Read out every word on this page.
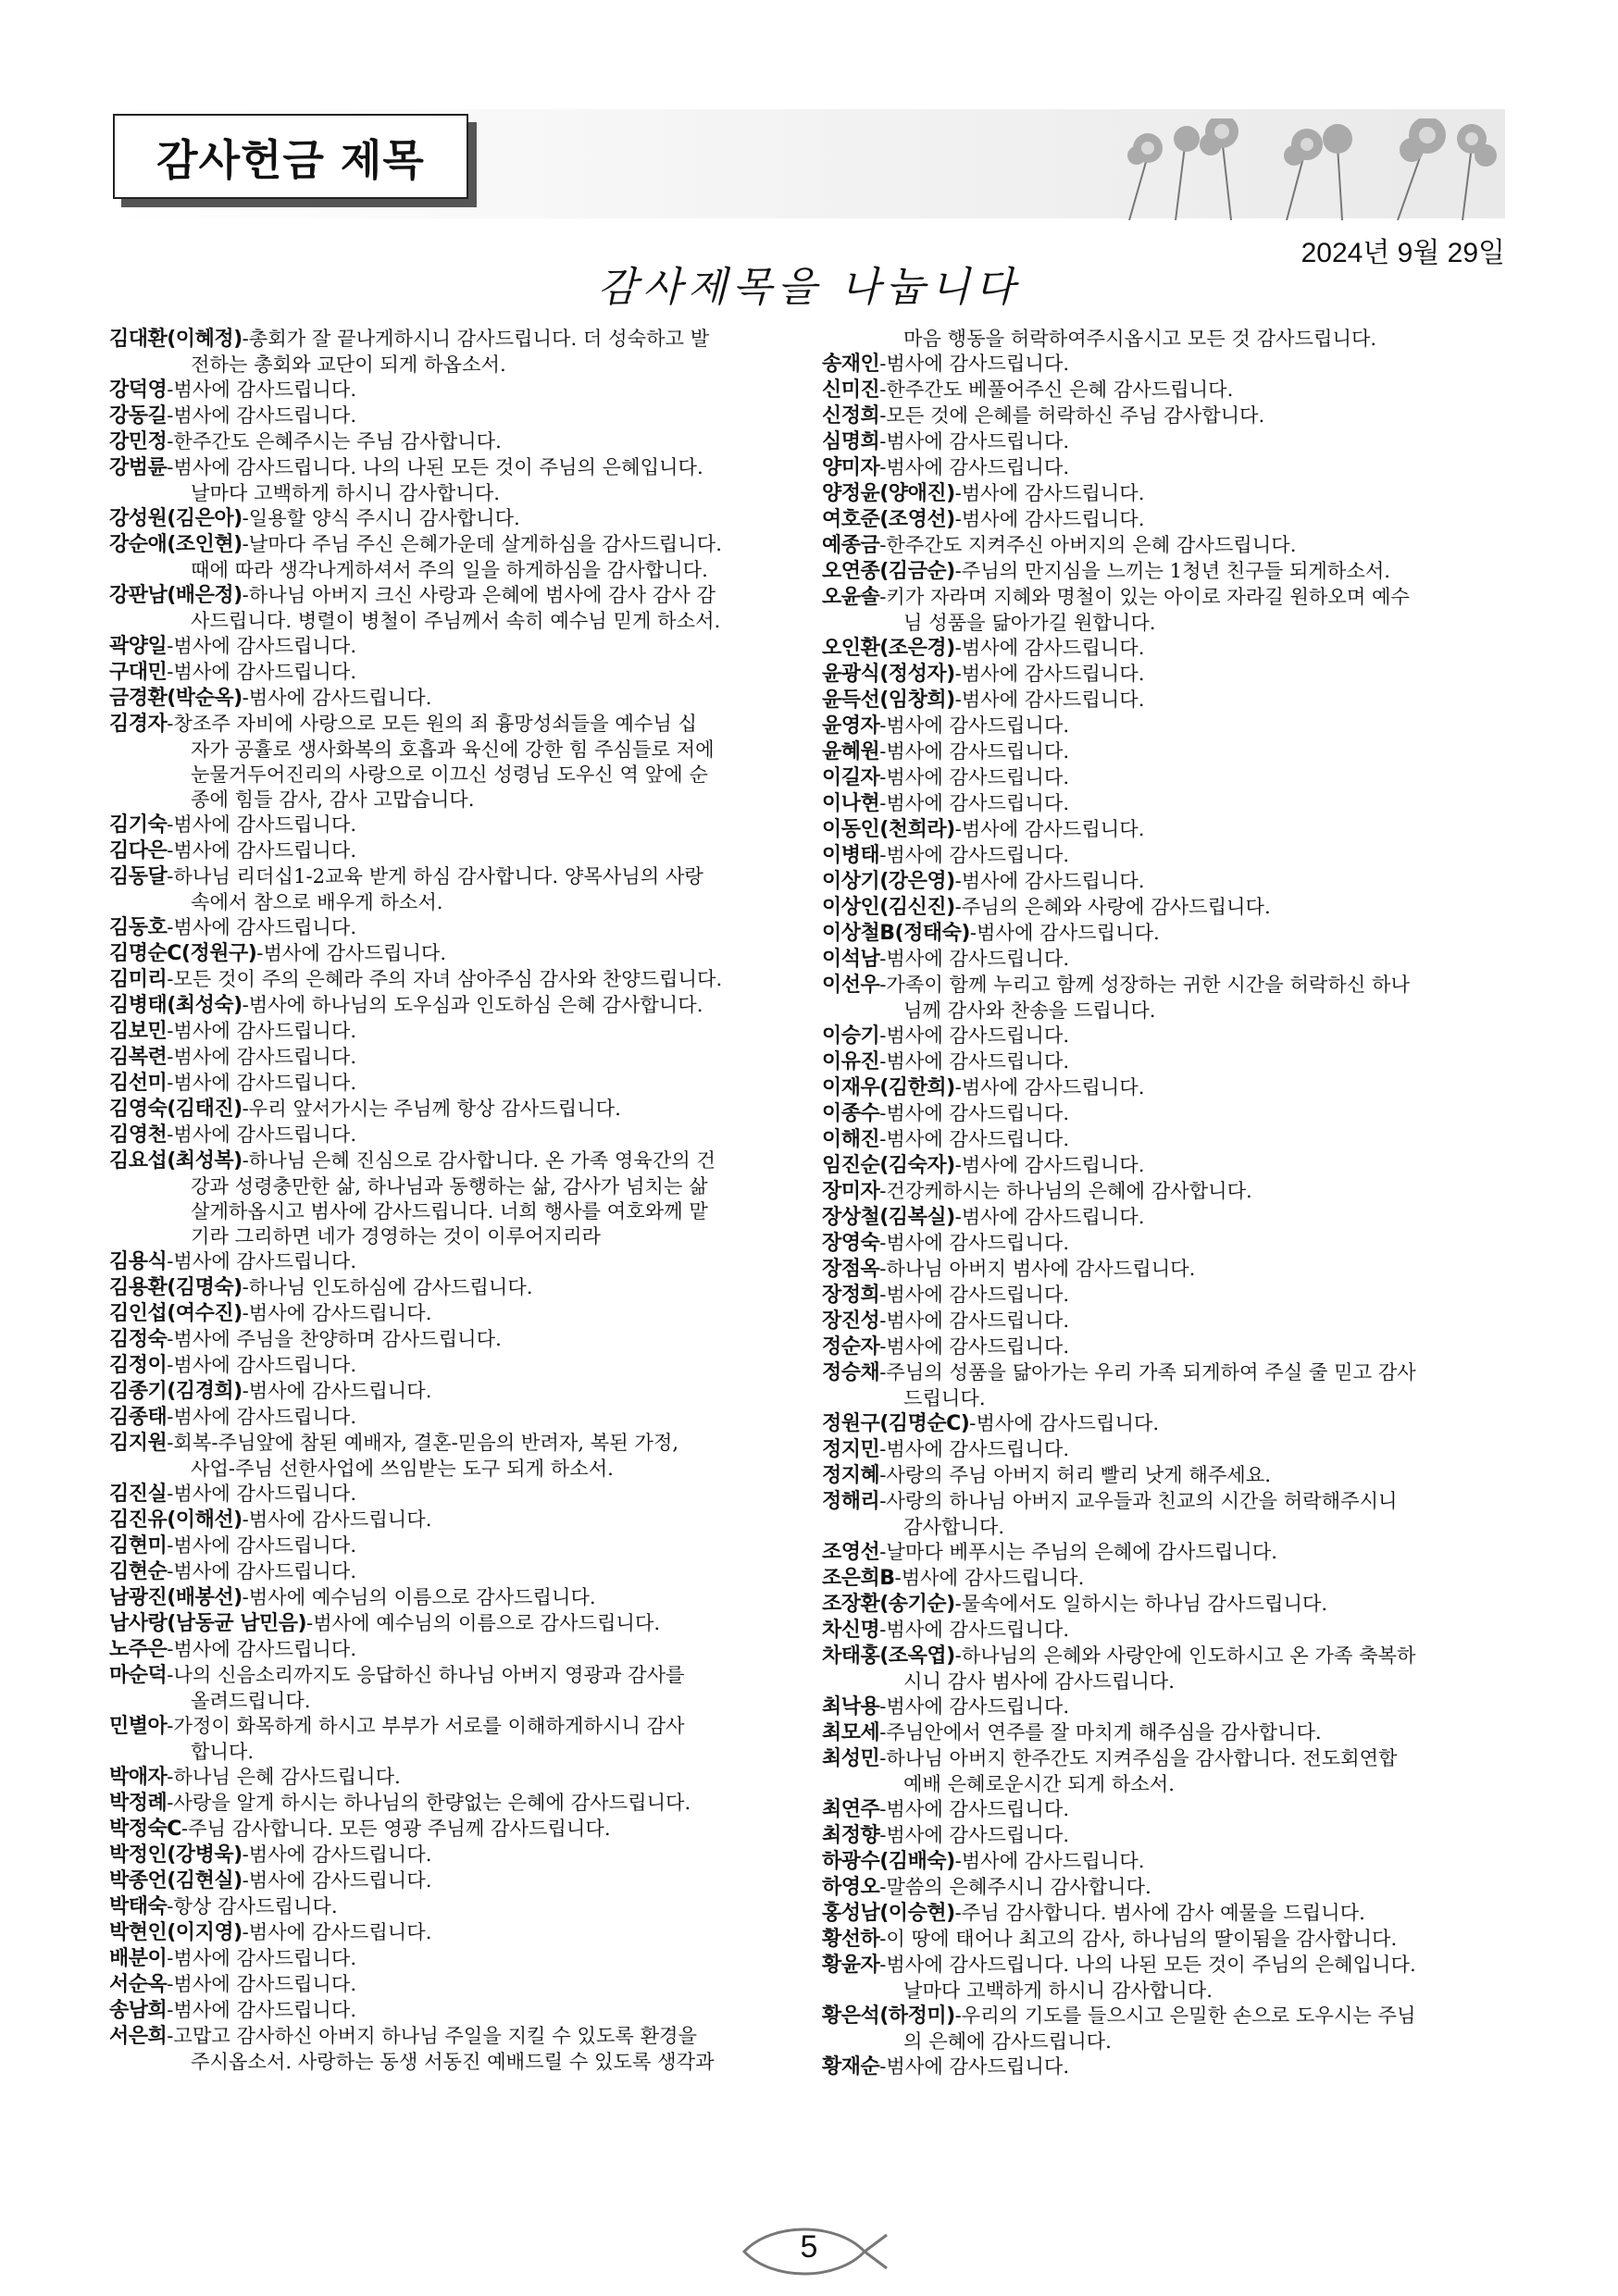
감사헌금 제목
2024년 9월 29일
감사제목을 나눕니다
김대환(이혜정)-총회가 잘 끝나게하시니 감사드립니다. 더 성숙하고 발
전하는 총회와 교단이 되게 하옵소서.
강덕영-범사에 감사드립니다.
강동길-범사에 감사드립니다.
강민정-한주간도 은혜주시는 주님 감사합니다.
강범륜-범사에 감사드립니다. 나의 나된 모든 것이 주님의 은혜입니다.
날마다 고백하게 하시니 감사합니다.
강성원(김은아)-일용할 양식 주시니 감사합니다.
강순애(조인현)-날마다 주님 주신 은혜가운데 살게하심을 감사드립니다.
때에 따라 생각나게하셔서 주의 일을 하게하심을 감사합니다.
강판남(배은정)-하나님 아버지 크신 사랑과 은혜에 범사에 감사 감사 감
사드립니다. 병렬이 병철이 주님께서 속히 예수님 믿게 하소서.
곽양일-범사에 감사드립니다.
구대민-범사에 감사드립니다.
금경환(박순옥)-범사에 감사드립니다.
김경자-창조주 자비에 사랑으로 모든 원의 죄 흉망성쇠들을 예수님 십
자가 공휼로 생사화복의 호흡과 육신에 강한 힘 주심들로 저에
눈물거두어진리의 사랑으로 이끄신 성령님 도우신 역 앞에 순
종에 힘들 감사, 감사 고맙습니다.
김기숙-범사에 감사드립니다.
김다은-범사에 감사드립니다.
김동달-하나님 리더십1-2교육 받게 하심 감사합니다. 양목사님의 사랑
속에서 참으로 배우게 하소서.
김동호-범사에 감사드립니다.
김명순C(정원구)-범사에 감사드립니다.
김미리-모든 것이 주의 은혜라 주의 자녀 삼아주심 감사와 찬양드립니다.
김병태(최성숙)-범사에 하나님의 도우심과 인도하심 은혜 감사합니다.
김보민-범사에 감사드립니다.
김복련-범사에 감사드립니다.
김선미-범사에 감사드립니다.
김영숙(김태진)-우리 앞서가시는 주님께 항상 감사드립니다.
김영천-범사에 감사드립니다.
김요섭(최성복)-하나님 은혜 진심으로 감사합니다. 온 가족 영육간의 건
강과 성령충만한 삶, 하나님과 동행하는 삶, 감사가 넘치는 삶
살게하옵시고 범사에 감사드립니다. 너희 행사를 여호와께 맡
기라 그리하면 네가 경영하는 것이 이루어지리라
김용식-범사에 감사드립니다.
김용환(김명숙)-하나님 인도하심에 감사드립니다.
김인섭(여수진)-범사에 감사드립니다.
김정숙-범사에 주님을 찬양하며 감사드립니다.
김정이-범사에 감사드립니다.
김종기(김경희)-범사에 감사드립니다.
김종태-범사에 감사드립니다.
김지원-회복-주님앞에 참된 예배자, 결혼-믿음의 반려자, 복된 가정,
사업-주님 선한사업에 쓰임받는 도구 되게 하소서.
김진실-범사에 감사드립니다.
김진유(이해선)-범사에 감사드립니다.
김현미-범사에 감사드립니다.
김현순-범사에 감사드립니다.
남광진(배봉선)-범사에 예수님의 이름으로 감사드립니다.
남사랑(남동균 남민음)-범사에 예수님의 이름으로 감사드립니다.
노주은-범사에 감사드립니다.
마순덕-나의 신음소리까지도 응답하신 하나님 아버지 영광과 감사를
올려드립니다.
민별아-가정이 화목하게 하시고 부부가 서로를 이해하게하시니 감사
합니다.
박애자-하나님 은혜 감사드립니다.
박정례-사랑을 알게 하시는 하나님의 한량없는 은혜에 감사드립니다.
박정숙C-주님 감사합니다. 모든 영광 주님께 감사드립니다.
박정인(강병욱)-범사에 감사드립니다.
박종언(김현실)-범사에 감사드립니다.
박태숙-항상 감사드립니다.
박현인(이지영)-범사에 감사드립니다.
배분이-범사에 감사드립니다.
서순옥-범사에 감사드립니다.
송남희-범사에 감사드립니다.
서은희-고맙고 감사하신 아버지 하나님 주일을 지킬 수 있도록 환경을
주시옵소서. 사랑하는 동생 서동진 예배드릴 수 있도록 생각과
마음 행동을 허락하여주시옵시고 모든 것 감사드립니다.
송재인-범사에 감사드립니다.
신미진-한주간도 베풀어주신 은혜 감사드립니다.
신정희-모든 것에 은혜를 허락하신 주님 감사합니다.
심명희-범사에 감사드립니다.
양미자-범사에 감사드립니다.
양정윤(양애진)-범사에 감사드립니다.
여호준(조영선)-범사에 감사드립니다.
예종금-한주간도 지켜주신 아버지의 은혜 감사드립니다.
오연종(김금순)-주님의 만지심을 느끼는 1청년 친구들 되게하소서.
오윤솔-키가 자라며 지혜와 명철이 있는 아이로 자라길 원하오며 예수
님 성품을 닮아가길 원합니다.
오인환(조은경)-범사에 감사드립니다.
윤광식(정성자)-범사에 감사드립니다.
윤득선(임창희)-범사에 감사드립니다.
윤영자-범사에 감사드립니다.
윤혜원-범사에 감사드립니다.
이길자-범사에 감사드립니다.
이나현-범사에 감사드립니다.
이동인(천희라)-범사에 감사드립니다.
이병태-범사에 감사드립니다.
이상기(강은영)-범사에 감사드립니다.
이상인(김신진)-주님의 은혜와 사랑에 감사드립니다.
이상철B(정태숙)-범사에 감사드립니다.
이석남-범사에 감사드립니다.
이선우-가족이 함께 누리고 함께 성장하는 귀한 시간을 허락하신 하나
님께 감사와 찬송을 드립니다.
이승기-범사에 감사드립니다.
이유진-범사에 감사드립니다.
이재우(김한희)-범사에 감사드립니다.
이종수-범사에 감사드립니다.
이해진-범사에 감사드립니다.
임진순(김숙자)-범사에 감사드립니다.
장미자-건강케하시는 하나님의 은혜에 감사합니다.
장상철(김복실)-범사에 감사드립니다.
장영숙-범사에 감사드립니다.
장점옥-하나님 아버지 범사에 감사드립니다.
장정희-범사에 감사드립니다.
장진성-범사에 감사드립니다.
정순자-범사에 감사드립니다.
정승채-주님의 성품을 닮아가는 우리 가족 되게하여 주실 줄 믿고 감사
드립니다.
정원구(김명순C)-범사에 감사드립니다.
정지민-범사에 감사드립니다.
정지혜-사랑의 주님 아버지 허리 빨리 낫게 해주세요.
정해리-사랑의 하나님 아버지 교우들과 친교의 시간을 허락해주시니
감사합니다.
조영선-날마다 베푸시는 주님의 은혜에 감사드립니다.
조은희B-범사에 감사드립니다.
조장환(송기순)-물속에서도 일하시는 하나님 감사드립니다.
차신명-범사에 감사드립니다.
차태홍(조옥엽)-하나님의 은혜와 사랑안에 인도하시고 온 가족 축복하
시니 감사 범사에 감사드립니다.
최낙용-범사에 감사드립니다.
최모세-주님안에서 연주를 잘 마치게 해주심을 감사합니다.
최성민-하나님 아버지 한주간도 지켜주심을 감사합니다. 전도회연합
예배 은혜로운시간 되게 하소서.
최연주-범사에 감사드립니다.
최정향-범사에 감사드립니다.
하광수(김배숙)-범사에 감사드립니다.
하영오-말씀의 은혜주시니 감사합니다.
홍성남(이승현)-주님 감사합니다. 범사에 감사 예물을 드립니다.
황선하-이 땅에 태어나 최고의 감사, 하나님의 딸이됨을 감사합니다.
황윤자-범사에 감사드립니다. 나의 나된 모든 것이 주님의 은혜입니다.
날마다 고백하게 하시니 감사합니다.
황은석(하정미)-우리의 기도를 들으시고 은밀한 손으로 도우시는 주님
의 은혜에 감사드립니다.
황재순-범사에 감사드립니다.
5
